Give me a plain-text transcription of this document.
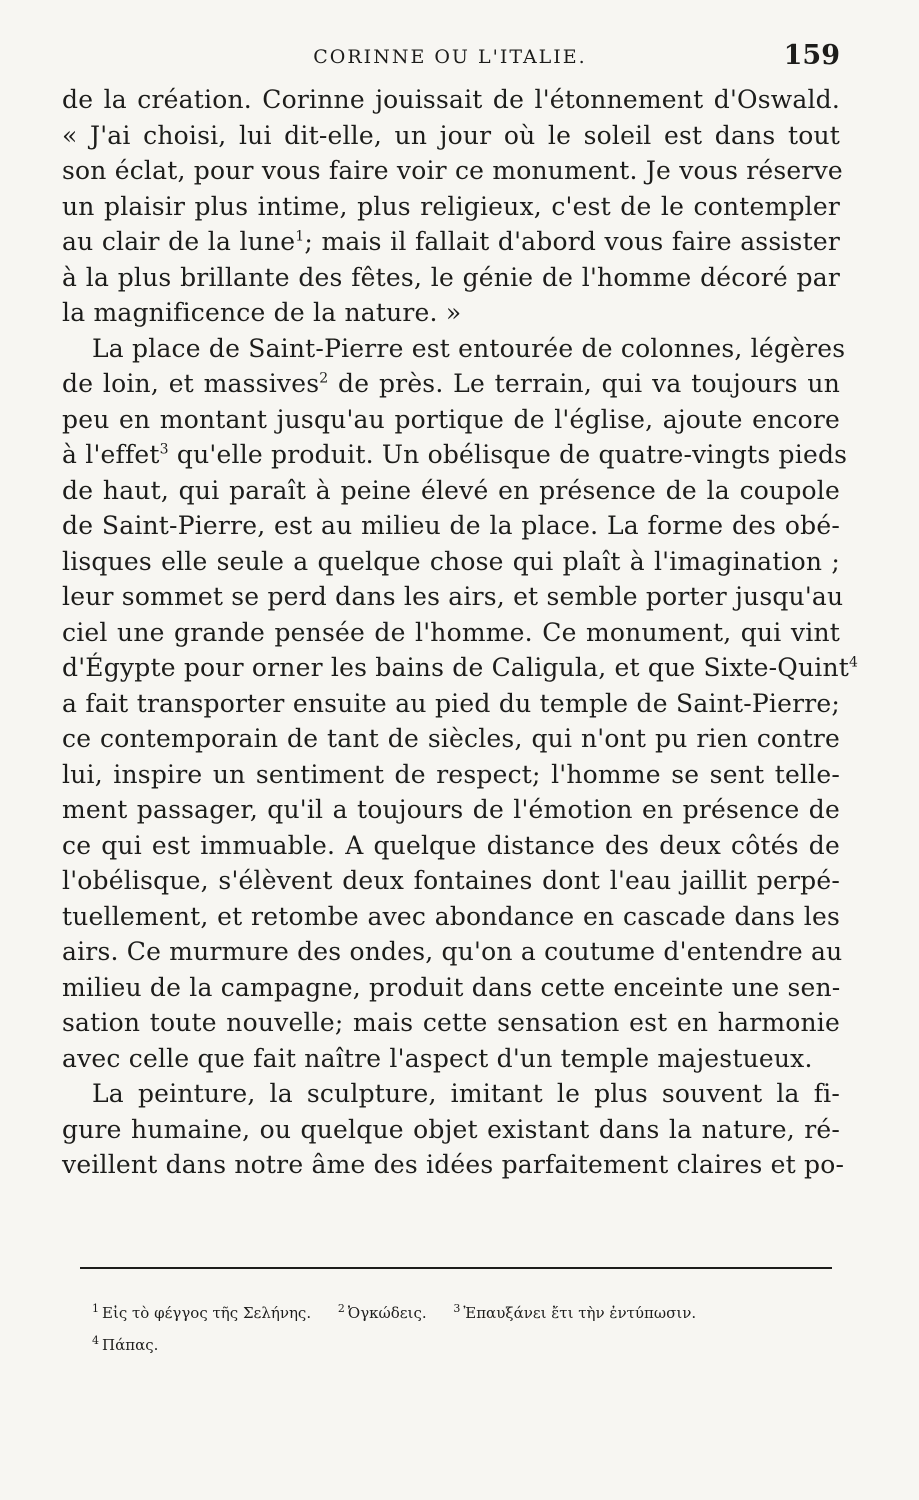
CORINNE OU L'ITALIE.	159
de la création. Corinne jouissait de l'étonnement d'Oswald.
« J'ai choisi, lui dit-elle, un jour où le soleil est dans tout
son éclat, pour vous faire voir ce monument. Je vous réserve
un plaisir plus intime, plus religieux, c'est de le contempler
au clair de la lune$^1$; mais il fallait d'abord vous faire assister
à la plus brillante des fêtes, le génie de l'homme décoré par
la magnificence de la nature. »
La place de Saint-Pierre est entourée de colonnes, légères
de loin, et massives$^2$ de près. Le terrain, qui va toujours un
peu en montant jusqu'au portique de l'église, ajoute encore
à l'effet$^3$ qu'elle produit. Un obélisque de quatre-vingts pieds
de haut, qui paraît à peine élevé en présence de la coupole
de Saint-Pierre, est au milieu de la place. La forme des obé-
lisques elle seule a quelque chose qui plaît à l'imagination ;
leur sommet se perd dans les airs, et semble porter jusqu'au
ciel une grande pensée de l'homme. Ce monument, qui vint
d'Égypte pour orner les bains de Caligula, et que Sixte-Quint$^4$
a fait transporter ensuite au pied du temple de Saint-Pierre;
ce contemporain de tant de siècles, qui n'ont pu rien contre
lui, inspire un sentiment de respect; l'homme se sent telle-
ment passager, qu'il a toujours de l'émotion en présence de
ce qui est immuable. A quelque distance des deux côtés de
l'obélisque, s'élèvent deux fontaines dont l'eau jaillit perpé-
tuellement, et retombe avec abondance en cascade dans les
airs. Ce murmure des ondes, qu'on a coutume d'entendre au
milieu de la campagne, produit dans cette enceinte une sen-
sation toute nouvelle; mais cette sensation est en harmonie
avec celle que fait naître l'aspect d'un temple majestueux.
La peinture, la sculpture, imitant le plus souvent la fi-
gure humaine, ou quelque objet existant dans la nature, ré-
veillent dans notre âme des idées parfaitement claires et po-
$^1$ Εἰς τὸ φέγγος τῆς Σελήνης. $^2$ Ὀγκώδεις. $^3$ Ἐπαυξάνει ἔτι τὴν ἐντύπωσιν.
$^4$ Πάπας.
